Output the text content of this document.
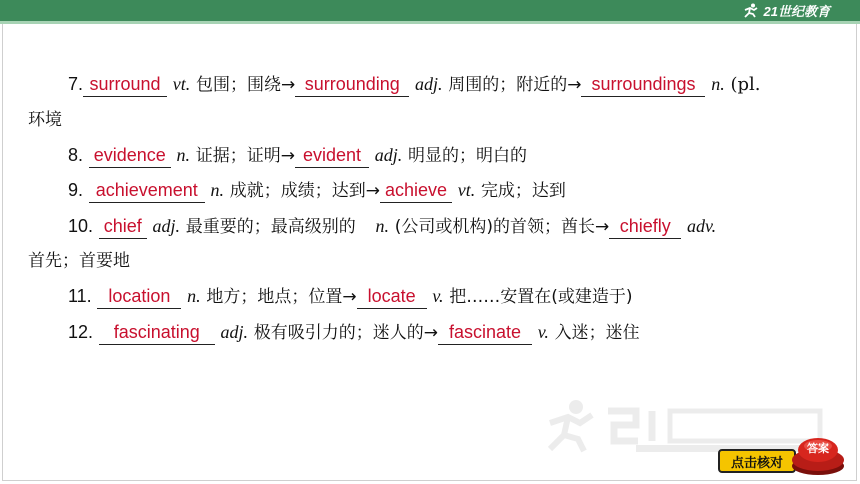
21世纪教育
7. surround vt. 包围；围绕→ surrounding adj. 周围的；附近的→ surroundings n. (pl.
环境
8. evidence n. 证据；证明→ evident adj. 明显的；明白的
9. achievement n. 成就；成绩；达到→ achieve vt. 完成；达到
10. chief adj. 最重要的；最高级别的 n. (公司或机构)的首领；酋长→ chiefly adv.
首先；首要地
11. location n. 地方；地点；位置→ locate v. 把……安置在(或建造于)
12.	fascinating	adj. 极有吸引力的；迷人的→ fascinate v. 入迷；迷住
点击核对
答案
